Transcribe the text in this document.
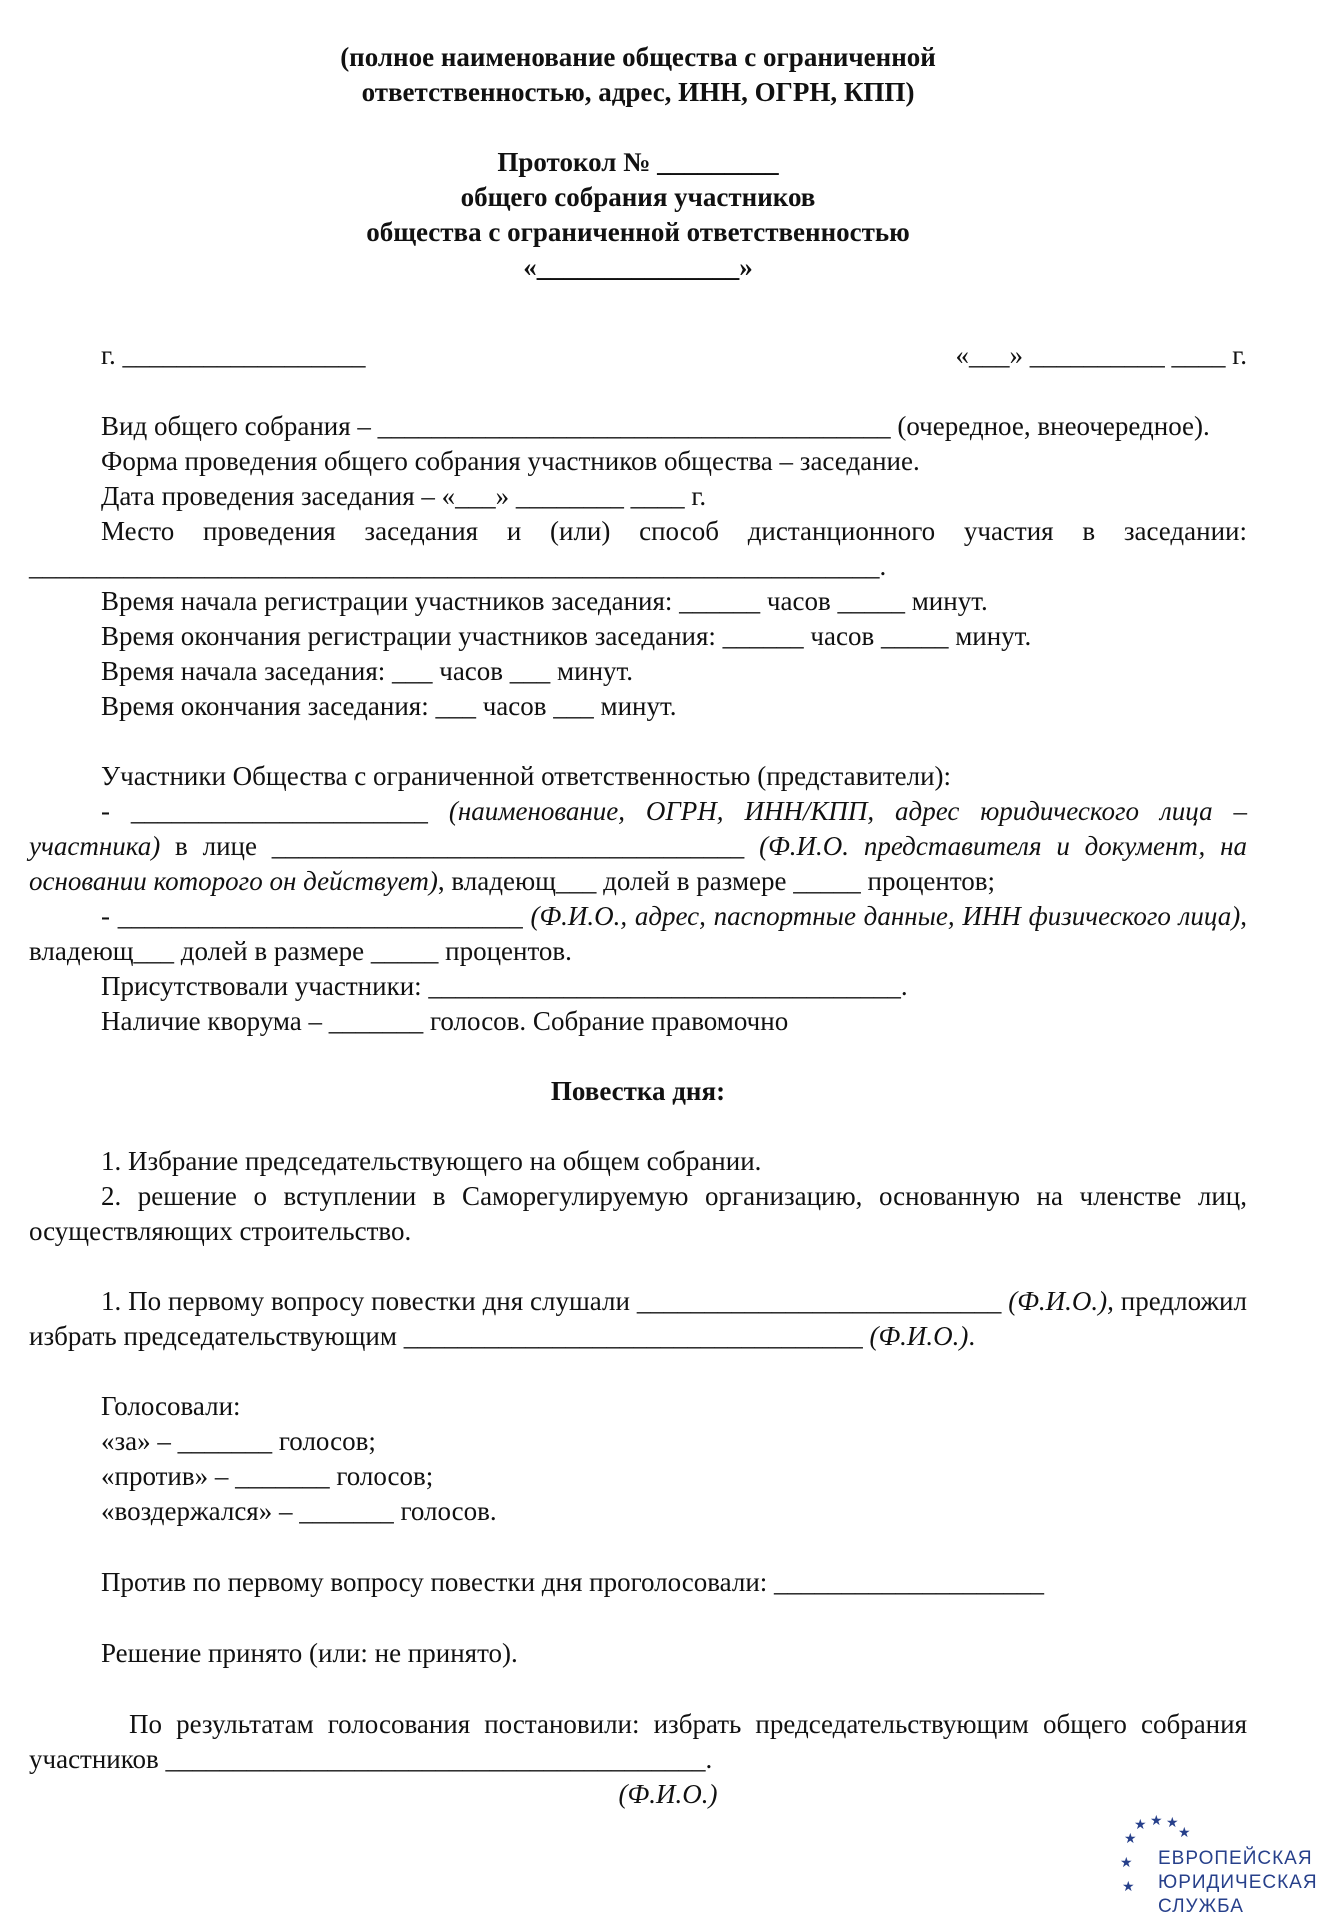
(полное наименование общества с ограниченной

ответственностью, адрес, ИНН, ОГРН, КПП)

Протокол № _________

общего собрания участников

общества с ограниченной ответственностью

«_______________»

г. __________________	«___» __________ ____ г.

Вид общего собрания – ______________________________________ (очередное, внеочередное).

Форма проведения общего собрания участников общества – заседание.

Дата проведения заседания – «___» ________ ____ г.

Место проведения заседания и (или) способ дистанционного участия в заседании: _______________________________________________________________.

Время начала регистрации участников заседания: ______ часов _____ минут.

Время окончания регистрации участников заседания: ______ часов _____ минут.

Время начала заседания: ___ часов ___ минут.

Время окончания заседания: ___ часов ___ минут.

Участники Общества с ограниченной ответственностью (представители):

- ______________________ (наименование, ОГРН, ИНН/КПП, адрес юридического лица – участника) в лице ___________________________________ (Ф.И.О. представителя и документ, на основании которого он действует), владеющ___ долей в размере _____ процентов;

- ______________________________ (Ф.И.О., адрес, паспортные данные, ИНН физического лица), владеющ___ долей в размере _____ процентов.

Присутствовали участники: ___________________________________.

Наличие кворума – _______ голосов. Собрание правомочно

Повестка дня:

1. Избрание председательствующего на общем собрании.

2. решение о вступлении в Саморегулируемую организацию, основанную на членстве лиц, осуществляющих строительство.

1. По первому вопросу повестки дня слушали ___________________________ (Ф.И.О.), предложил избрать председательствующим __________________________________ (Ф.И.О.).

Голосовали:

«за» – _______ голосов;

«против» – _______ голосов;

«воздержался» – _______ голосов.

Против по первому вопросу повестки дня проголосовали: ____________________

Решение принято (или: не принято).

По результатам голосования постановили: избрать председательствующим общего собрания участников ________________________________________.

(Ф.И.О.)

★ ★ ★
★
★
★
★
ЕВРОПЕЙСКАЯ
ЮРИДИЧЕСКАЯ
СЛУЖБА
